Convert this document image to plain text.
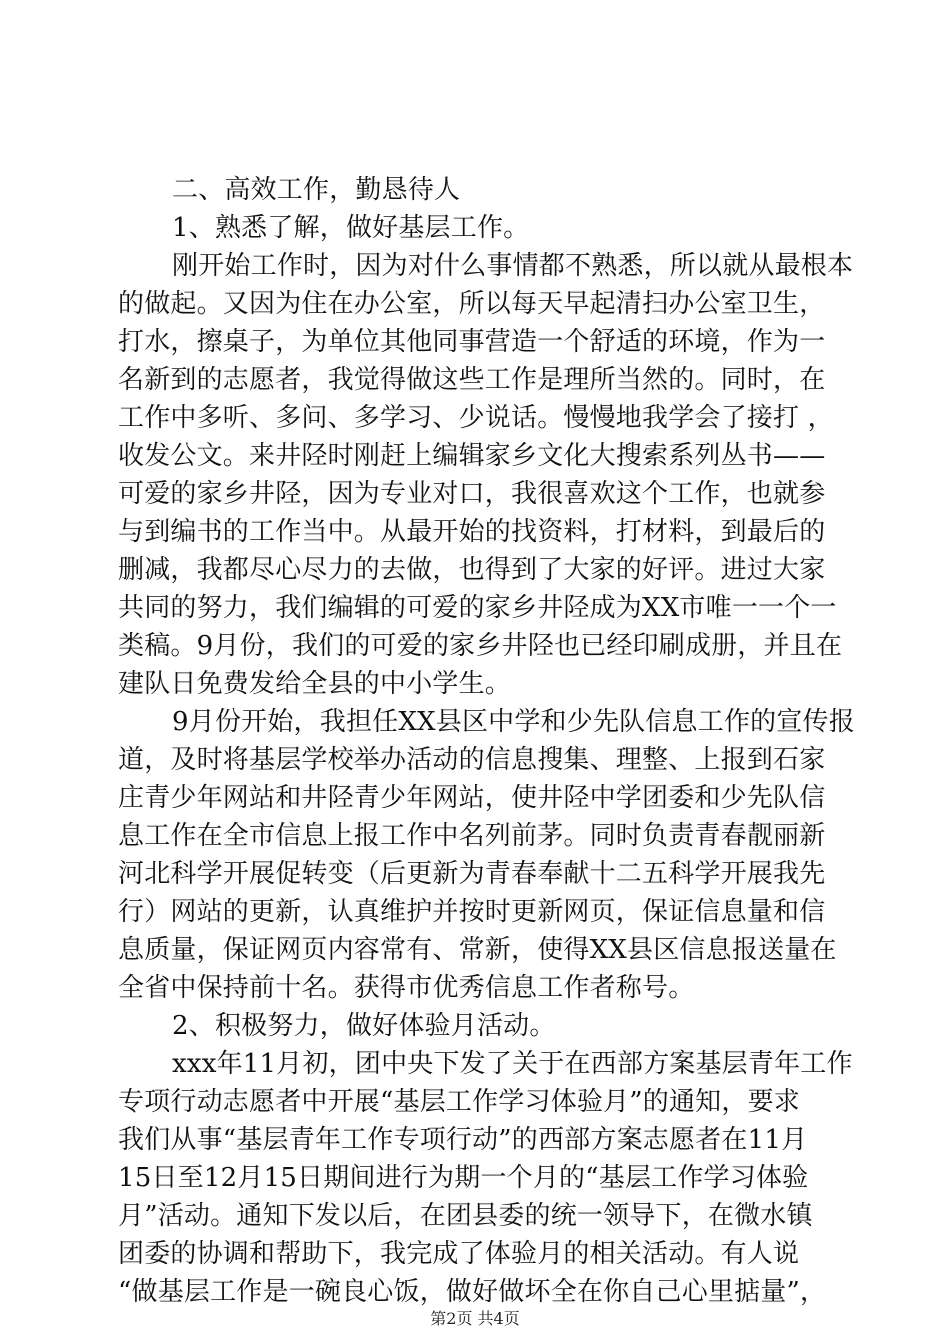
二、高效工作，勤恳待人
1、熟悉了解，做好基层工作。
刚开始工作时，因为对什么事情都不熟悉，所以就从最根本
的做起。又因为住在办公室，所以每天早起清扫办公室卫生，
打水，擦桌子，为单位其他同事营造一个舒适的环境，作为一
名新到的志愿者，我觉得做这些工作是理所当然的。同时，在
工作中多听、多问、多学习、少说话。慢慢地我学会了接打 ，
收发公文。来井陉时刚赶上编辑家乡文化大搜索系列丛书——
可爱的家乡井陉，因为专业对口，我很喜欢这个工作，也就参
与到编书的工作当中。从最开始的找资料，打材料，到最后的
删减，我都尽心尽力的去做，也得到了大家的好评。进过大家
共同的努力，我们编辑的可爱的家乡井陉成为XX市唯一一个一
类稿。9月份，我们的可爱的家乡井陉也已经印刷成册，并且在
建队日免费发给全县的中小学生。
9月份开始，我担任XX县区中学和少先队信息工作的宣传报
道，及时将基层学校举办活动的信息搜集、理整、上报到石家
庄青少年网站和井陉青少年网站，使井陉中学团委和少先队信
息工作在全市信息上报工作中名列前茅。同时负责青春靓丽新
河北科学开展促转变（后更新为青春奉献十二五科学开展我先
行）网站的更新，认真维护并按时更新网页，保证信息量和信
息质量，保证网页内容常有、常新，使得XX县区信息报送量在
全省中保持前十名。获得市优秀信息工作者称号。
2、积极努力，做好体验月活动。
xxx年11月初，团中央下发了关于在西部方案基层青年工作
专项行动志愿者中开展“基层工作学习体验月”的通知，要求
我们从事“基层青年工作专项行动”的西部方案志愿者在11月
15日至12月15日期间进行为期一个月的“基层工作学习体验
月”活动。通知下发以后，在团县委的统一领导下，在微水镇
团委的协调和帮助下，我完成了体验月的相关活动。有人说
“做基层工作是一碗良心饭，做好做坏全在你自己心里掂量”，
第2页 共4页
